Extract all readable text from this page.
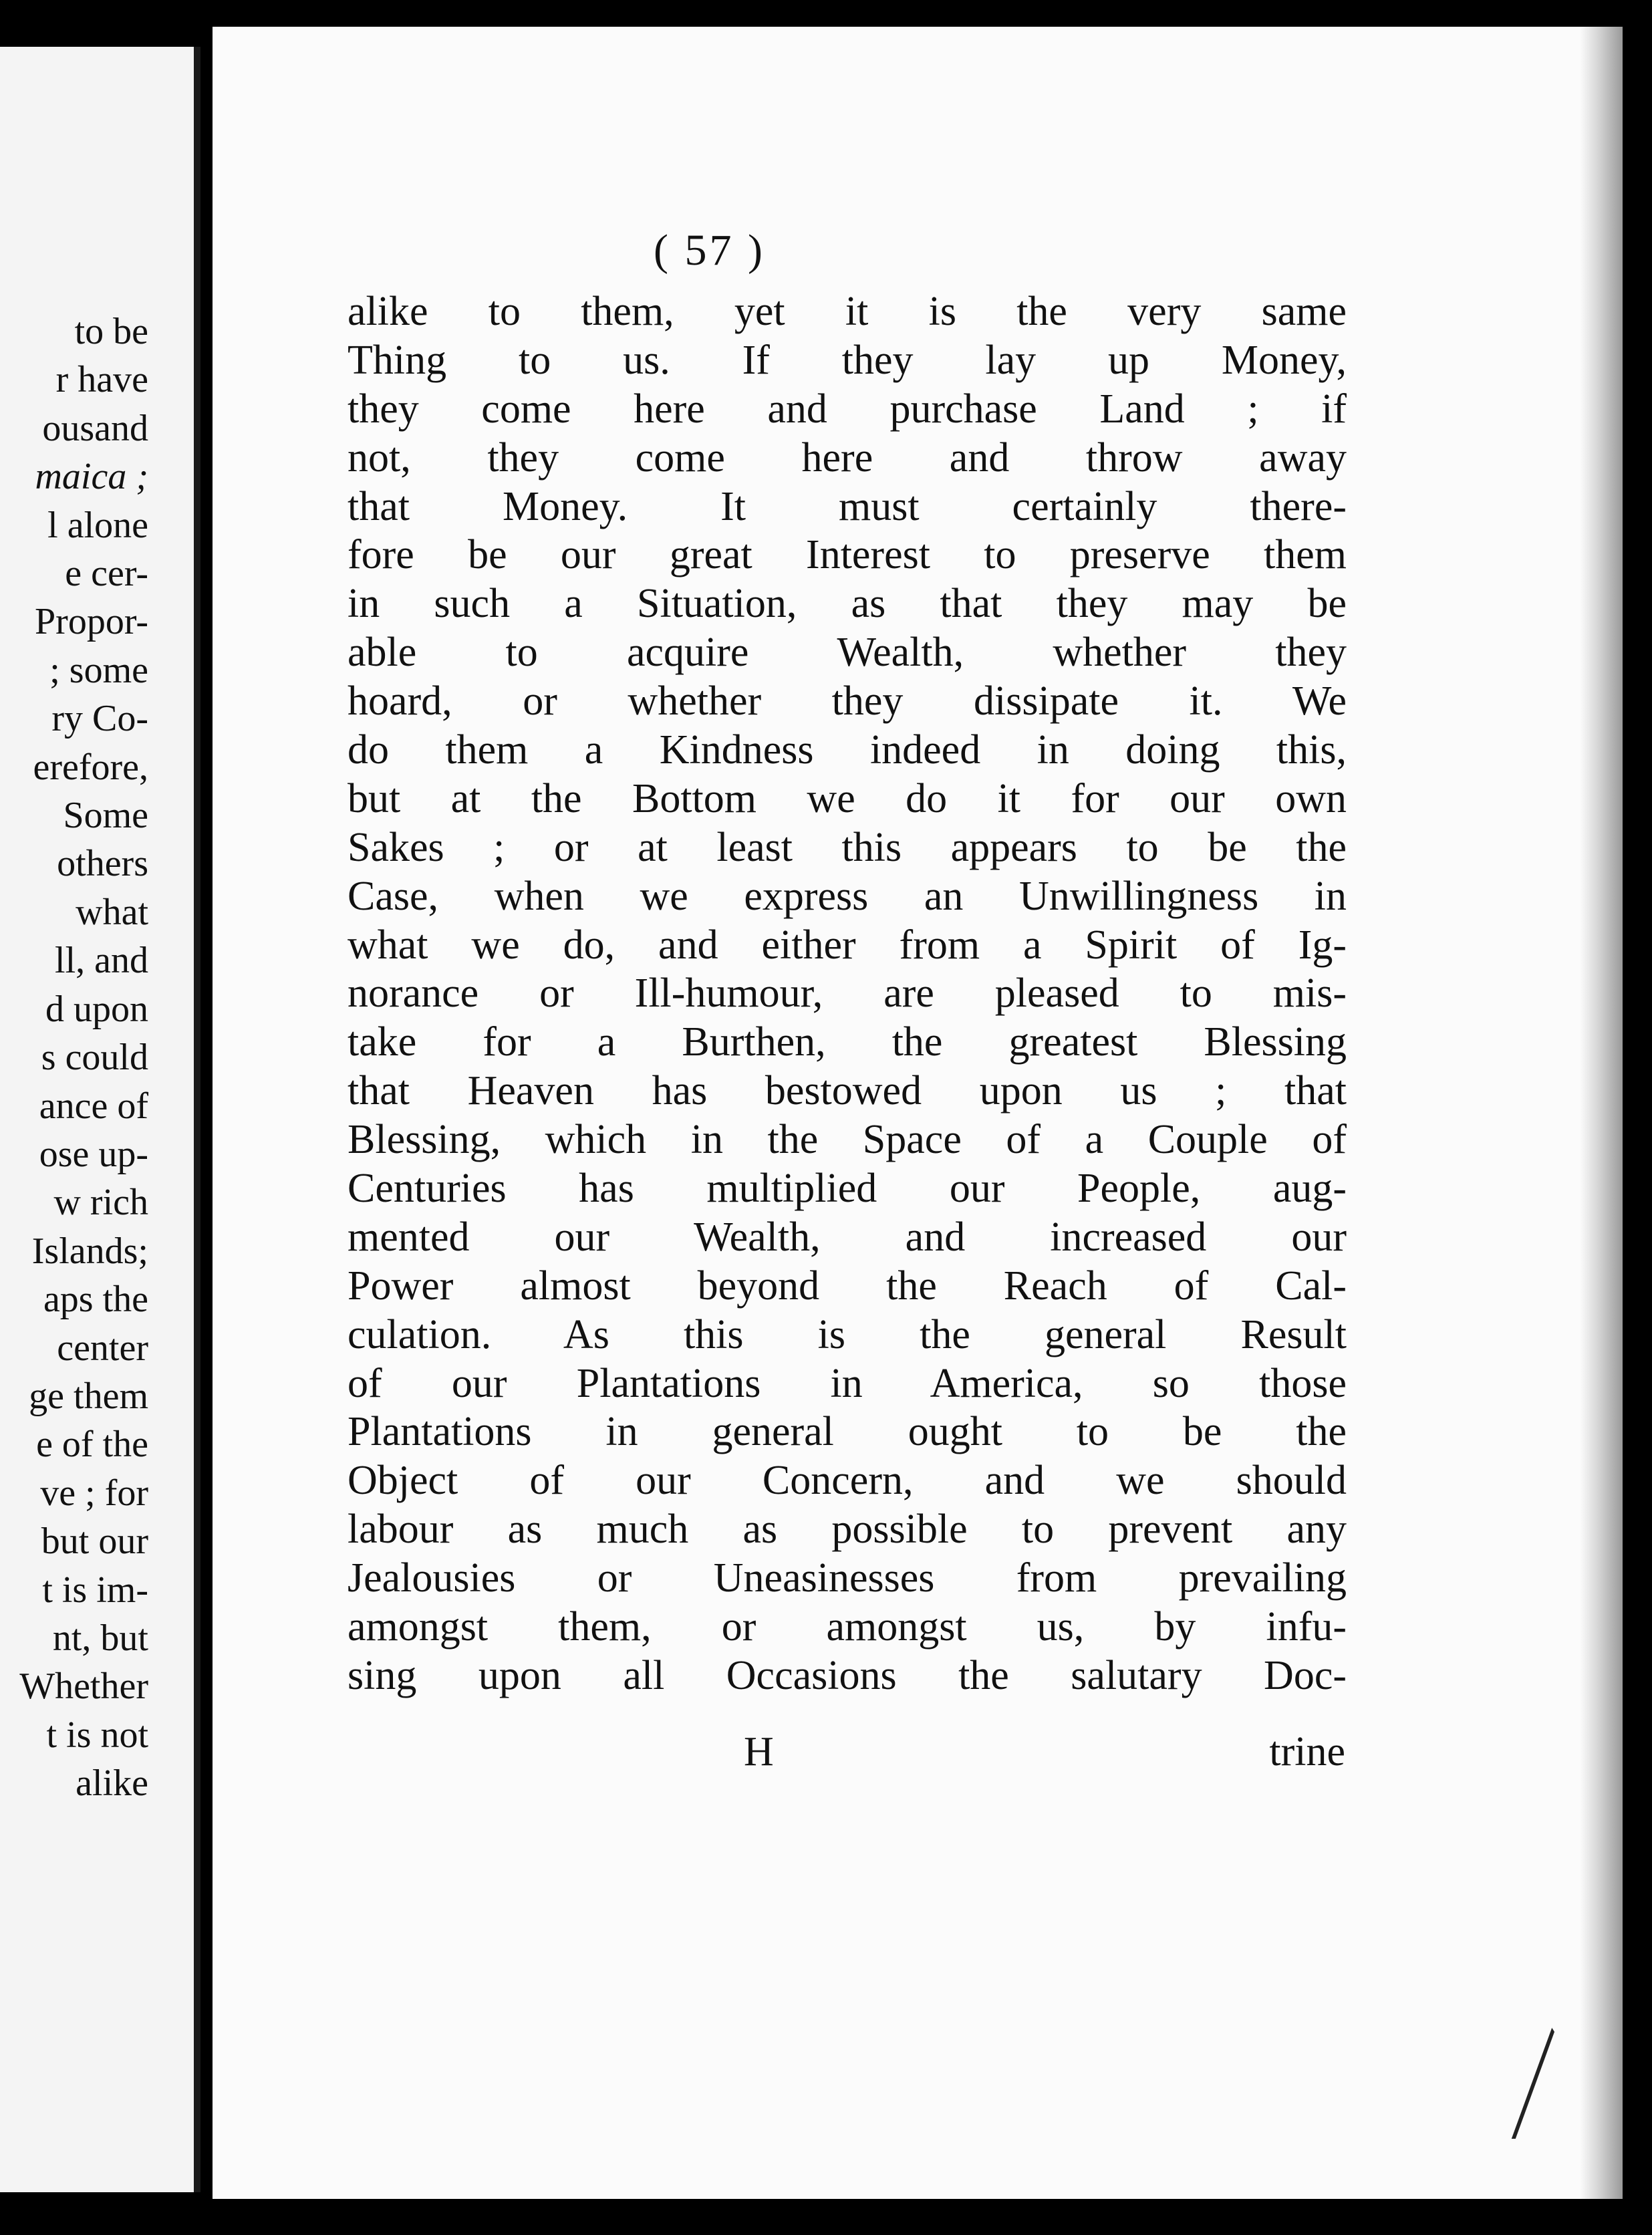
to be
r have
ousand
maica ;
l alone
e cer-
Propor-
; some
ry Co-
erefore,
Some
others
what
ll, and
d upon
s could
ance of
ose up-
w rich
Islands;
aps the
center
ge them
e of the
ve ; for
but our
t is im-
nt, but
Whether
t is not
alike
( 57 )
alike to them, yet it is the very same
Thing to us. If they lay up Money,
they come here and purchase Land ; if
not, they come here and throw away
that Money. It must certainly there-
fore be our great Interest to preserve them
in such a Situation, as that they may be
able to acquire Wealth, whether they
hoard, or whether they dissipate it. We
do them a Kindness indeed in doing this,
but at the Bottom we do it for our own
Sakes ; or at least this appears to be the
Case, when we express an Unwillingness in
what we do, and either from a Spirit of Ig-
norance or Ill-humour, are pleased to mis-
take for a Burthen, the greatest Blessing
that Heaven has bestowed upon us ; that
Blessing, which in the Space of a Couple of
Centuries has multiplied our People, aug-
mented our Wealth, and increased our
Power almost beyond the Reach of Cal-
culation. As this is the general Result
of our Plantations in America, so those
Plantations in general ought to be the
Object of our Concern, and we should
labour as much as possible to prevent any
Jealousies or Uneasinesses from prevailing
amongst them, or amongst us, by infu-
sing upon all Occasions the salutary Doc-
H	trine
